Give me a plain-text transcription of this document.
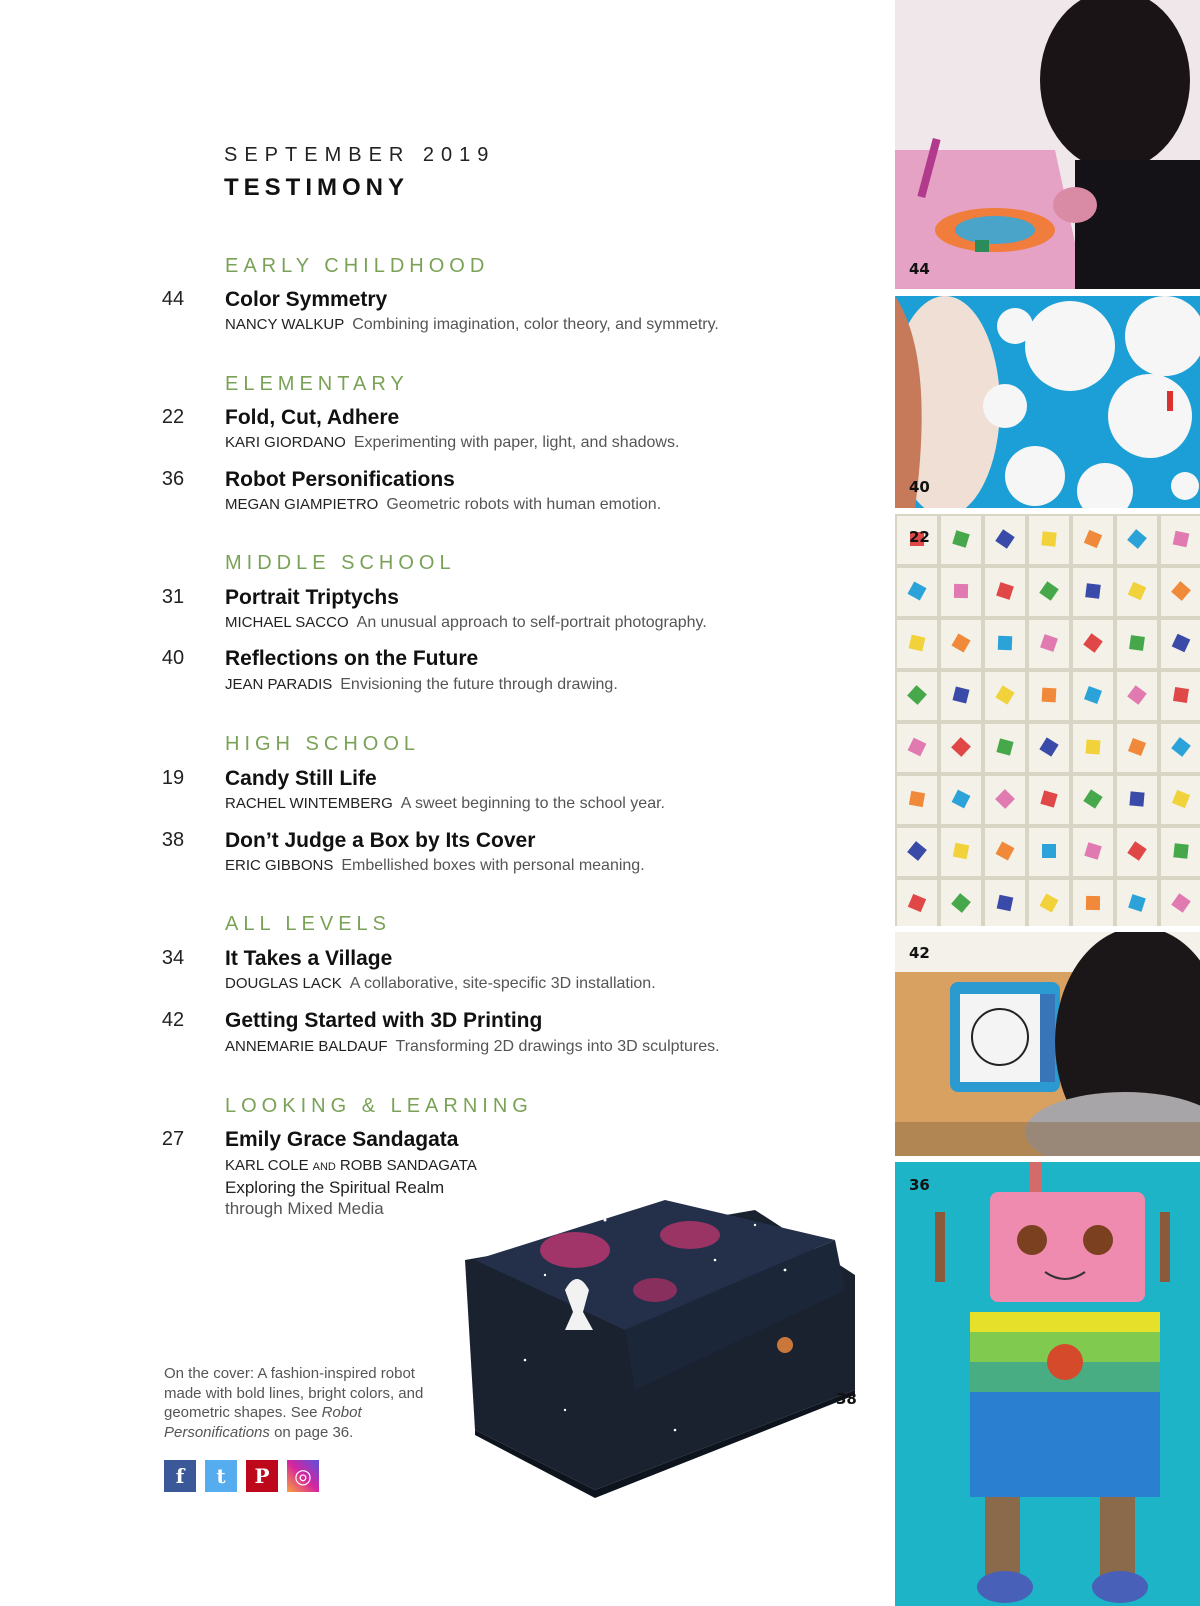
SEPTEMBER 2019
TESTIMONY
EARLY CHILDHOOD
44	Color Symmetry
NANCY WALKUP Combining imagination, color theory, and symmetry.
ELEMENTARY
22	Fold, Cut, Adhere
KARI GIORDANO Experimenting with paper, light, and shadows.
36	Robot Personifications
MEGAN GIAMPIETRO Geometric robots with human emotion.
MIDDLE SCHOOL
31	Portrait Triptychs
MICHAEL SACCO An unusual approach to self-portrait photography.
40	Reflections on the Future
JEAN PARADIS Envisioning the future through drawing.
HIGH SCHOOL
19	Candy Still Life
RACHEL WINTEMBERG A sweet beginning to the school year.
38	Don’t Judge a Box by Its Cover
ERIC GIBBONS Embellished boxes with personal meaning.
ALL LEVELS
34	It Takes a Village
DOUGLAS LACK A collaborative, site-specific 3D installation.
42	Getting Started with 3D Printing
ANNEMARIE BALDAUF Transforming 2D drawings into 3D sculptures.
LOOKING & LEARNING
27	Emily Grace Sandagata
KARL COLE AND ROBB SANDAGATA
Exploring the Spiritual Realm
through Mixed Media

On the cover: A fashion-inspired robot made with bold lines, bright colors, and geometric shapes. See Robot Personifications on page 36.

f t P ◎
38
44
40
22
42
36
